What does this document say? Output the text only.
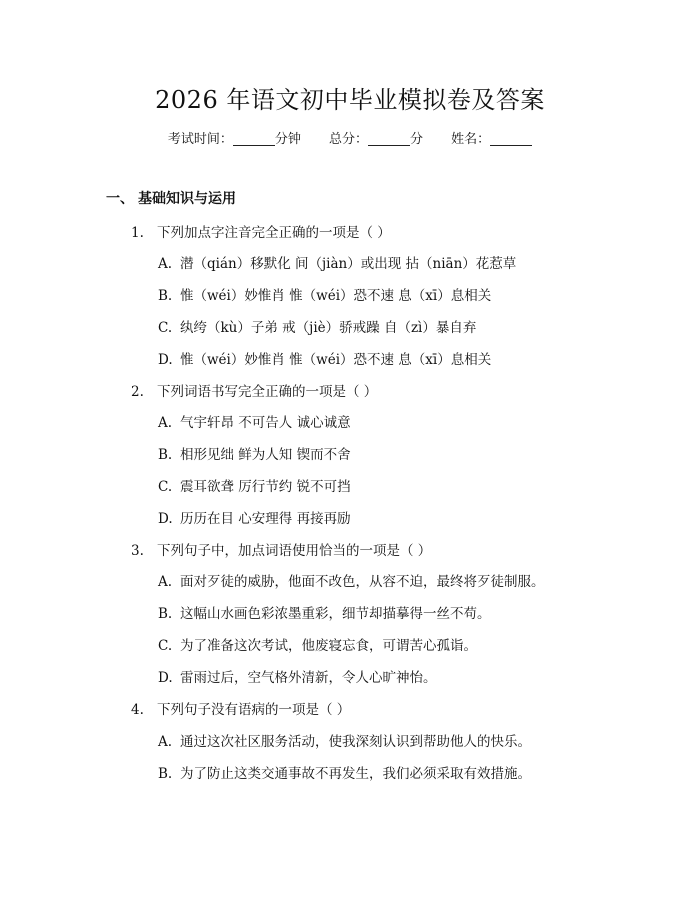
2026 年语文初中毕业模拟卷及答案
考试时间：	分钟 总分：	分 姓名：
一、 基础知识与运用
1. 下列加点字注音完全正确的一项是（ ）
A. 潜（qián）移默化 间（jiàn）或出现 拈（niān）花惹草
B. 惟（wéi）妙惟肖 惟（wéi）恐不速 息（xī）息相关
C. 纨绔（kù）子弟 戒（jiè）骄戒躁 自（zì）暴自弃
D. 惟（wéi）妙惟肖 惟（wéi）恐不速 息（xī）息相关
2. 下列词语书写完全正确的一项是（ ）
A. 气宇轩昂 不可告人 诚心诚意
B. 相形见绌 鲜为人知 锲而不舍
C. 震耳欲聋 厉行节约 锐不可挡
D. 历历在目 心安理得 再接再励
3. 下列句子中，加点词语使用恰当的一项是（ ）
A. 面对歹徒的威胁，他面不改色，从容不迫，最终将歹徒制服。
B. 这幅山水画色彩浓墨重彩，细节却描摹得一丝不苟。
C. 为了准备这次考试，他废寝忘食，可谓苦心孤诣。
D. 雷雨过后，空气格外清新，令人心旷神怡。
4. 下列句子没有语病的一项是（ ）
A. 通过这次社区服务活动，使我深刻认识到帮助他人的快乐。
B. 为了防止这类交通事故不再发生，我们必须采取有效措施。
